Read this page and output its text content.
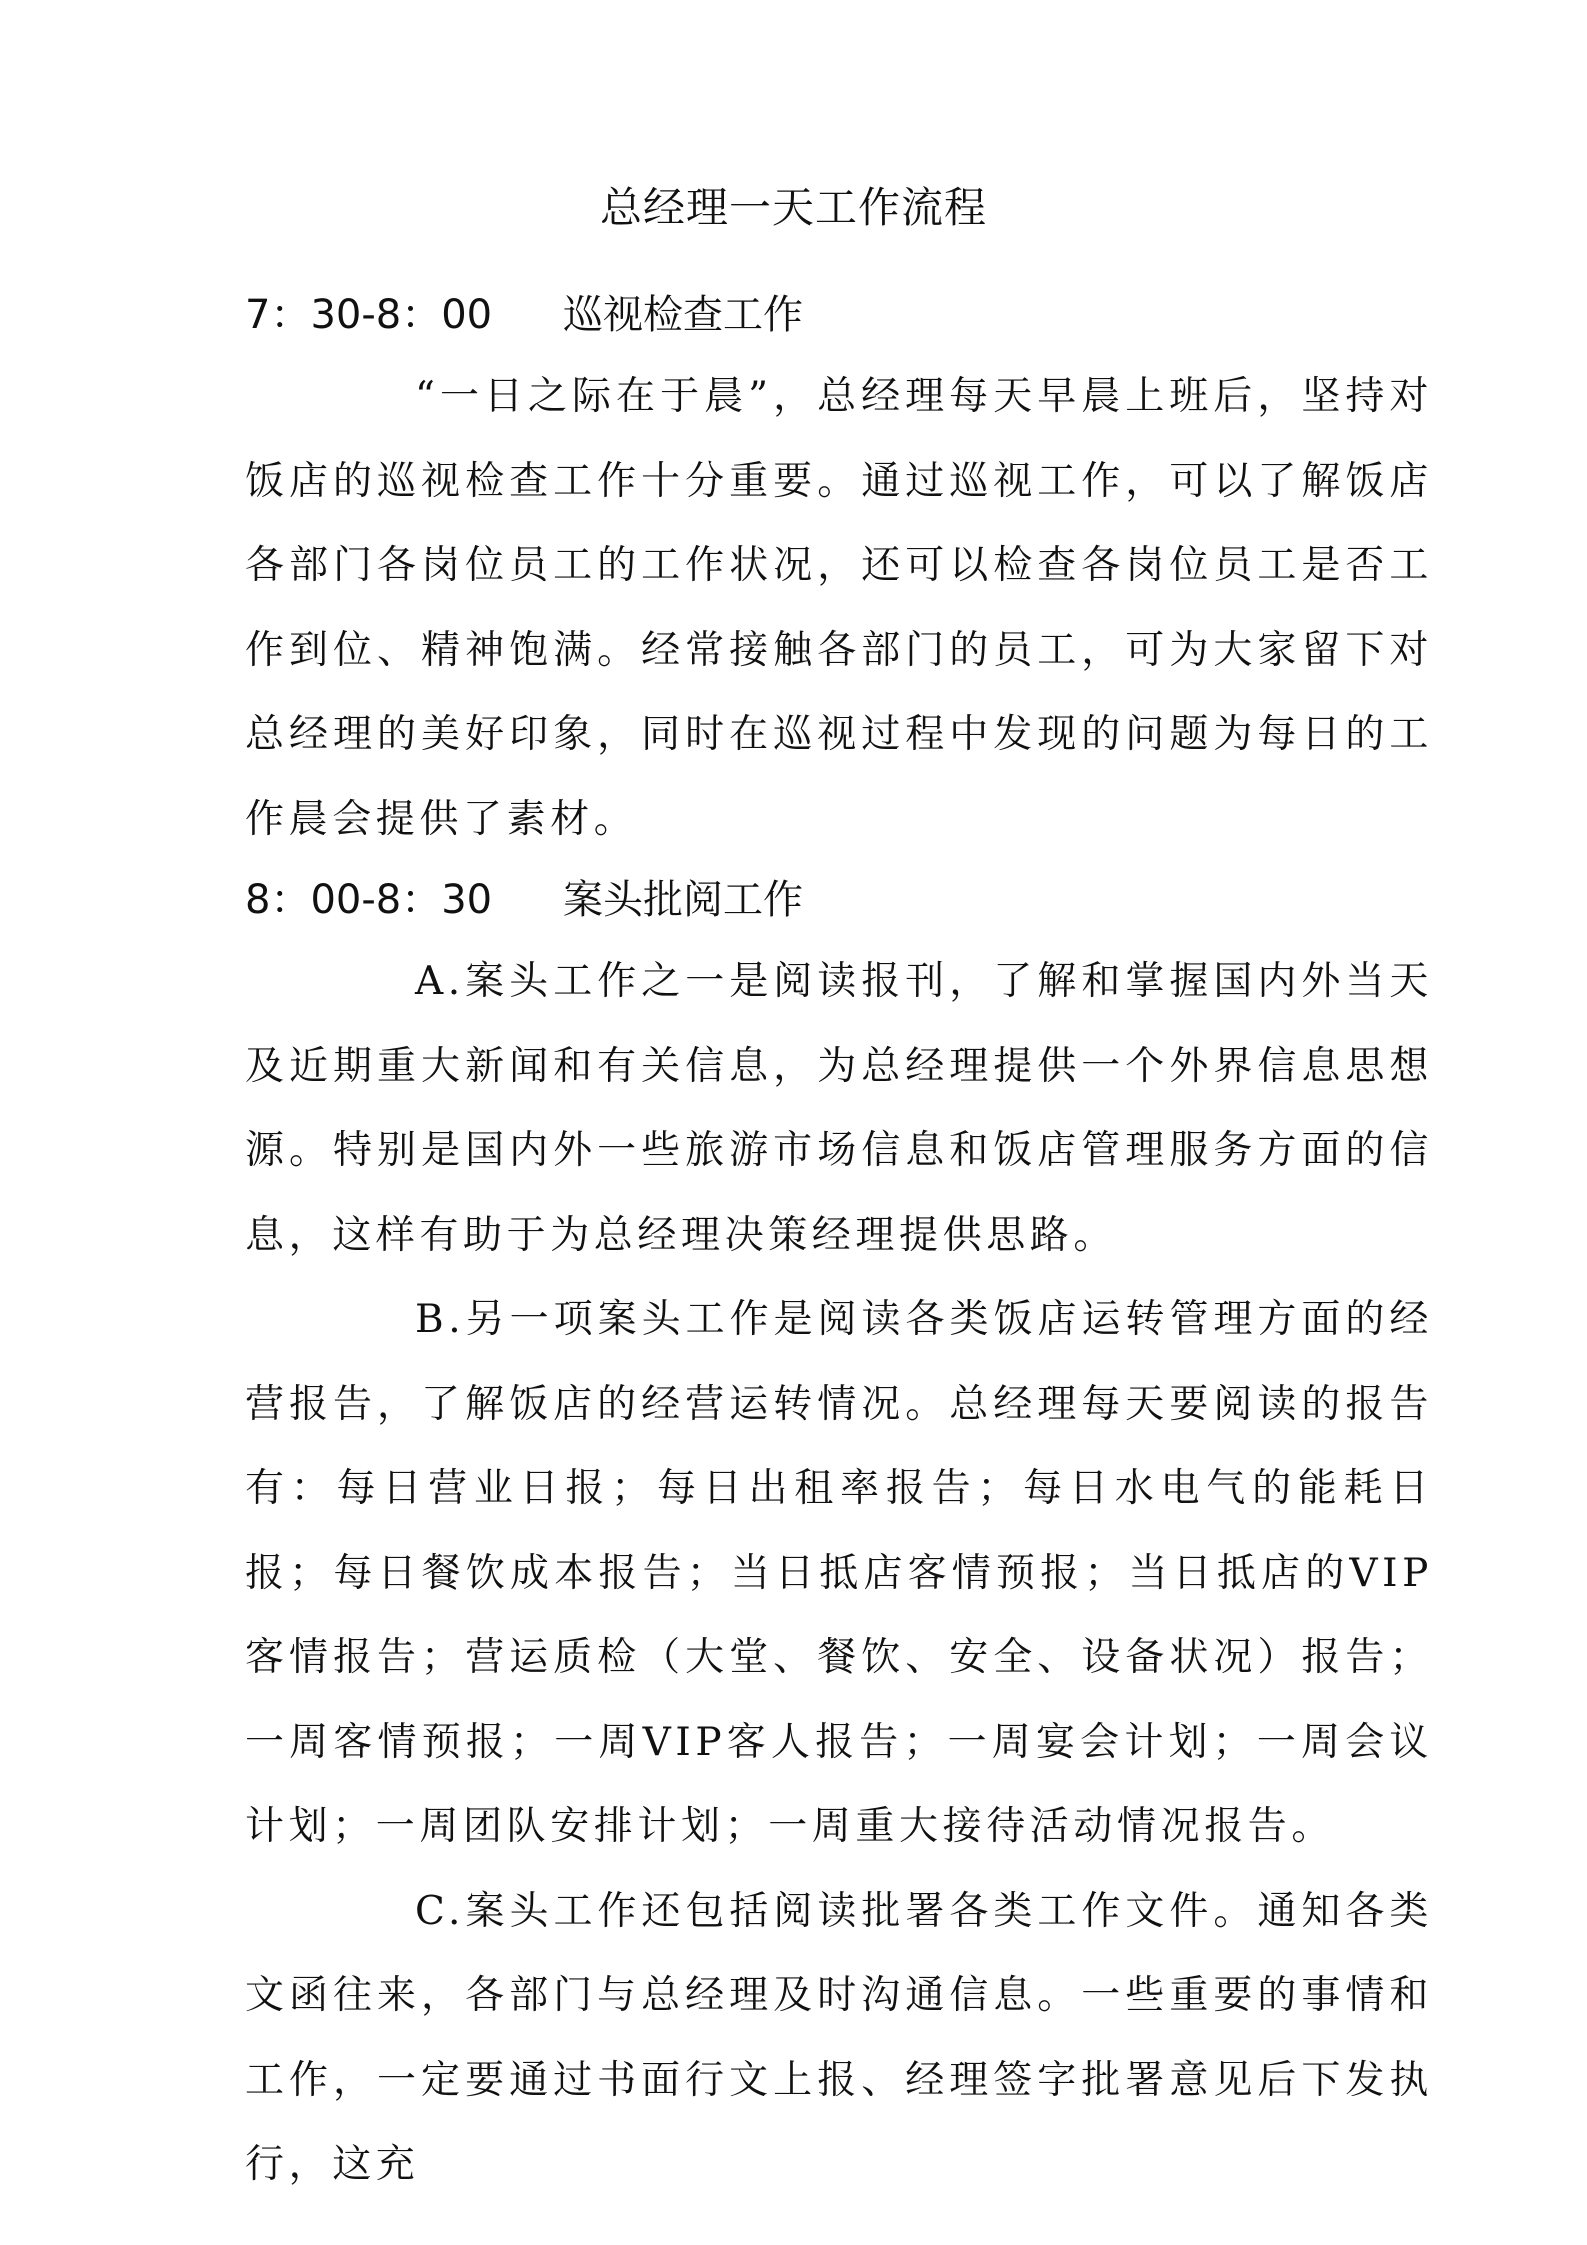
总经理一天工作流程
7：30-8：00 巡视检查工作

“一日之际在于晨”，总经理每天早晨上班后，坚持对饭店的巡视检查工作十分重要。通过巡视工作，可以了解饭店各部门各岗位员工的工作状况，还可以检查各岗位员工是否工作到位、精神饱满。经常接触各部门的员工，可为大家留下对总经理的美好印象，同时在巡视过程中发现的问题为每日的工作晨会提供了素材。

8：00-8：30 案头批阅工作

A.案头工作之一是阅读报刊，了解和掌握国内外当天及近期重大新闻和有关信息，为总经理提供一个外界信息思想源。特别是国内外一些旅游市场信息和饭店管理服务方面的信息，这样有助于为总经理决策经理提供思路。

B.另一项案头工作是阅读各类饭店运转管理方面的经营报告，了解饭店的经营运转情况。总经理每天要阅读的报告有：每日营业日报；每日出租率报告；每日水电气的能耗日报；每日餐饮成本报告；当日抵店客情预报；当日抵店的VIP客情报告；营运质检（大堂、餐饮、安全、设备状况）报告；一周客情预报；一周VIP客人报告；一周宴会计划；一周会议计划；一周团队安排计划；一周重大接待活动情况报告。

C.案头工作还包括阅读批署各类工作文件。通知各类文函往来，各部门与总经理及时沟通信息。一些重要的事情和工作，一定要通过书面行文上报、经理签字批署意见后下发执行，这充
